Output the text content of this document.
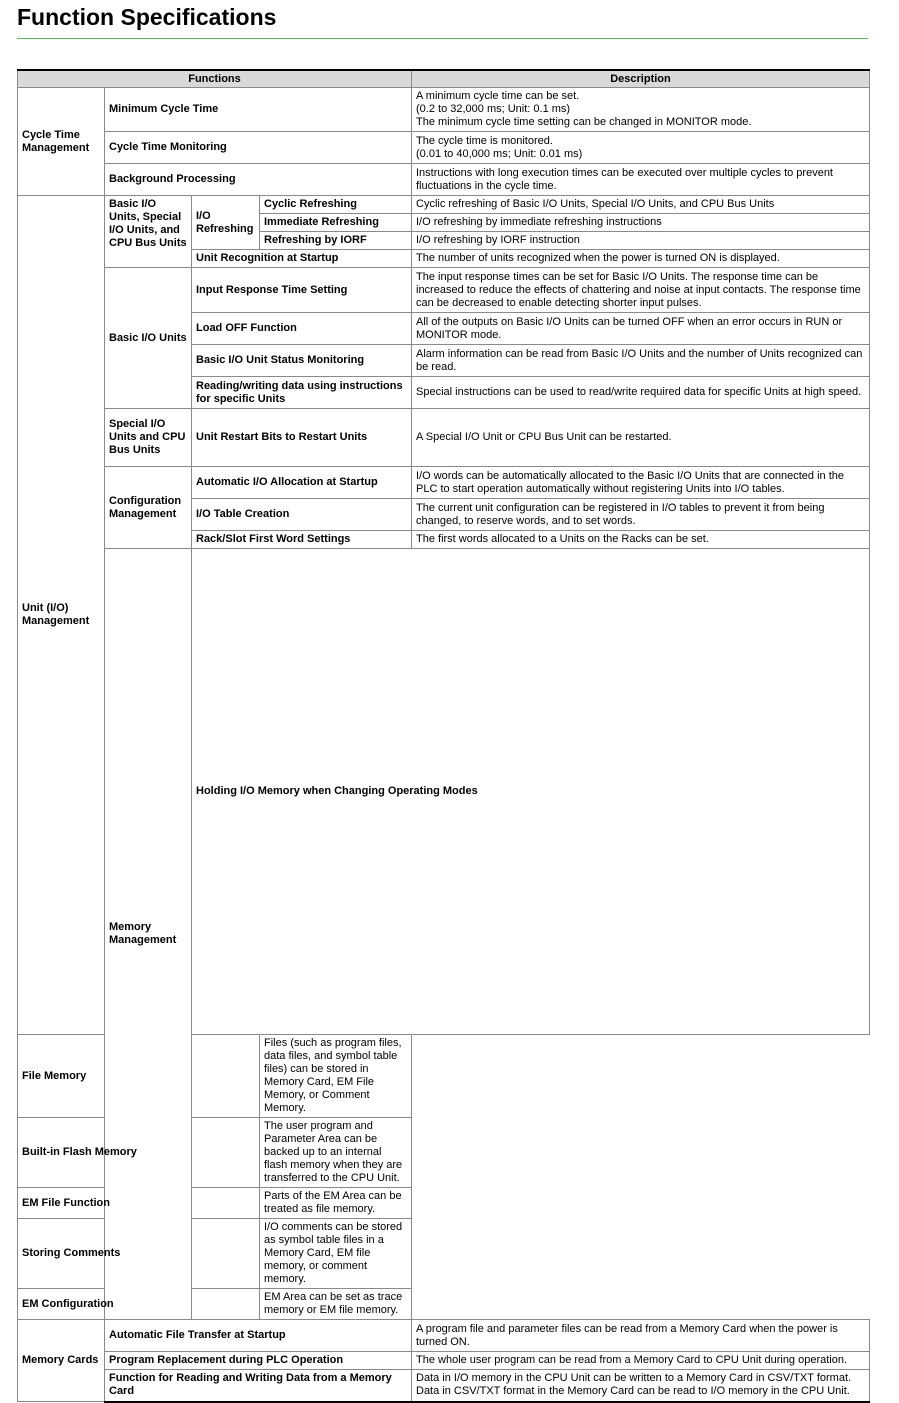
Function Specifications
Functions				Description	
Cycle Time Management	Minimum Cycle Time			A minimum cycle time can be set.
(0.2 to 32,000 ms; Unit: 0.1 ms)
The minimum cycle time setting can be changed in MONITOR mode.	

	Cycle Time Monitoring			The cycle time is monitored.
(0.01 to 40,000 ms; Unit: 0.01 ms)	

	Background Processing			Instructions with long execution times can be executed over multiple cycles to prevent fluctuations in the cycle time.	
Unit (I/O) Management	Basic I/O Units, Special I/O Units, and CPU Bus Units	I/O Refreshing	Cyclic Refreshing	Cyclic refreshing of Basic I/O Units, Special I/O Units, and CPU Bus Units	
			Immediate Refreshing	I/O refreshing by immediate refreshing instructions	
			Refreshing by IORF	I/O refreshing by IORF instruction	
		Unit Recognition at Startup		The number of units recognized when the power is turned ON is displayed.	
	Basic I/O Units	Input Response Time Setting		The input response times can be set for Basic I/O Units. The response time can be increased to reduce the effects of chattering and noise at input contacts. The response time can be decreased to enable detecting shorter input pulses.	
		Load OFF Function		All of the outputs on Basic I/O Units can be turned OFF when an error occurs in RUN or MONITOR mode.	
		Basic I/O Unit Status Monitoring		Alarm information can be read from Basic I/O Units and the number of Units recognized can be read.	
		Reading/writing data using instructions for specific Units		Special instructions can be used to read/write required data for specific Units at high speed.	
	Special I/O Units and CPU Bus Units	Unit Restart Bits to Restart Units		A Special I/O Unit or CPU Bus Unit can be restarted.	
	Configuration Management	Automatic I/O Allocation at Startup		I/O words can be automatically allocated to the Basic I/O Units that are connected in the PLC to start operation automatically without registering Units into I/O tables.	
		I/O Table Creation		The current unit configuration can be registered in I/O tables to prevent it from being changed, to reserve words, and to set words.	
		Rack/Slot First Word Settings		The first words allocated to a Units on the Racks can be set.	
	Memory Management	Holding I/O Memory when Changing Operating Modes	
File Memory			Files (such as program files, data files, and symbol table files) can be stored in Memory Card, EM File Memory, or Comment Memory.		
Built-in Flash Memory			The user program and Parameter Area can be backed up to an internal flash memory when they are transferred to the CPU Unit.		
EM File Function			Parts of the EM Area can be treated as file memory.		
Storing Comments			I/O comments can be stored as symbol table files in a Memory Card, EM file memory, or comment memory.		
EM Configuration			EM Area can be set as trace memory or EM file memory.		
Memory Cards	Automatic File Transfer at Startup			A program file and parameter files can be read from a Memory Card when the power is turned ON.	
	Program Replacement during PLC Operation			The whole user program can be read from a Memory Card to CPU Unit during operation.	
	Function for Reading and Writing Data from a Memory Card			Data in I/O memory in the CPU Unit can be written to a Memory Card in CSV/TXT format.
Data in CSV/TXT format in the Memory Card can be read to I/O memory in the CPU Unit.	
